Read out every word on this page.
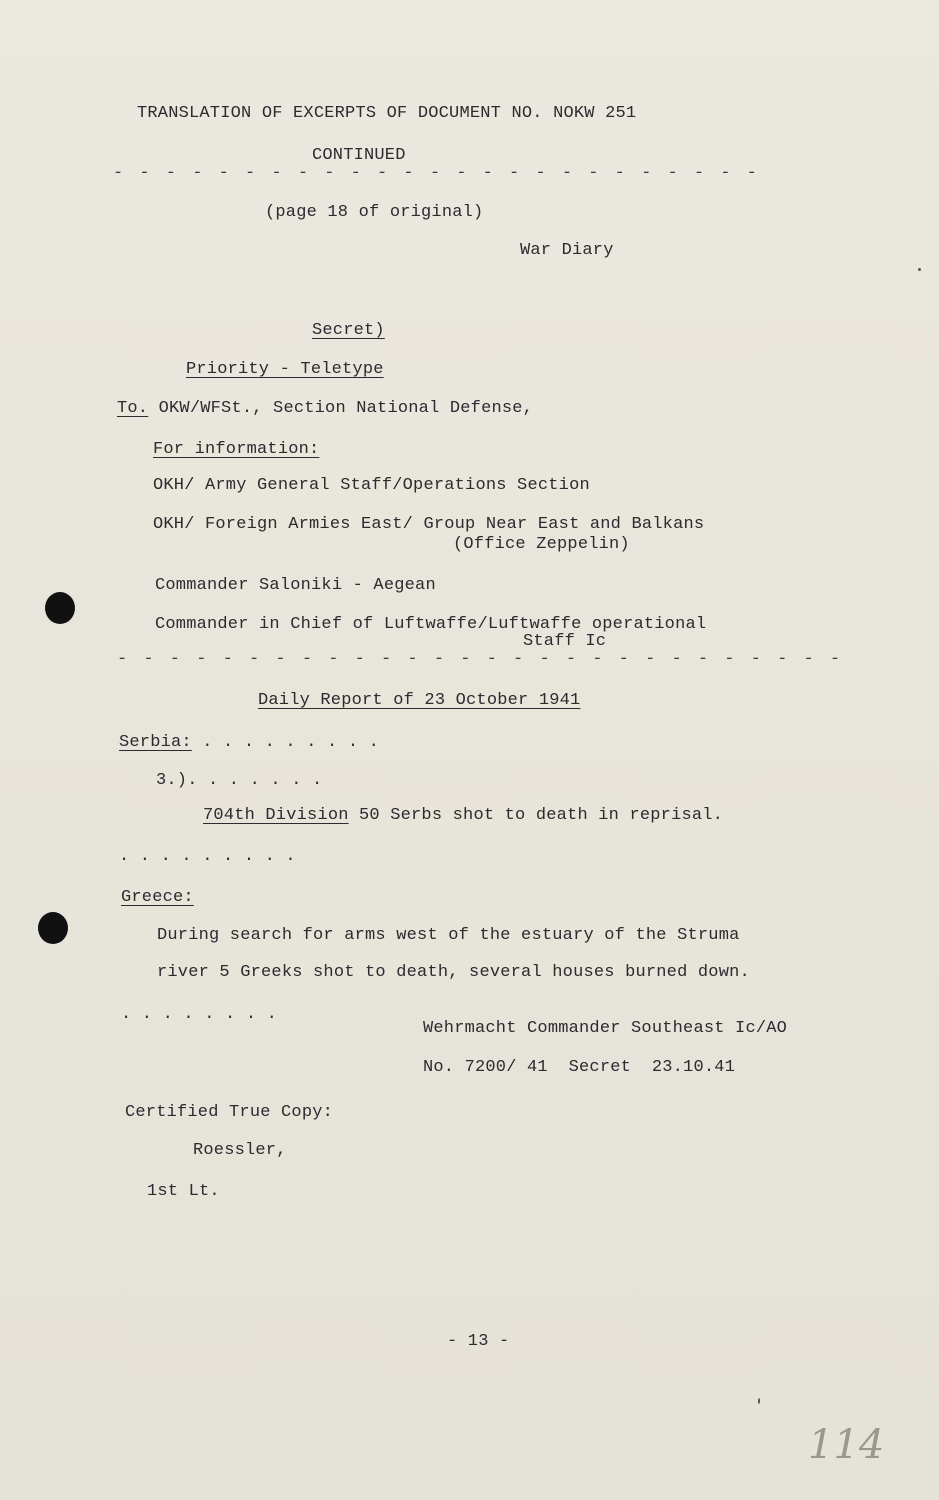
TRANSLATION OF EXCERPTS OF DOCUMENT NO. NOKW 251
CONTINUED
- - - - - - - - - - - - - - - - - - - - - - - - -
(page 18 of original)
War Diary
Secret)
Priority - Teletype
To. OKW/WFSt., Section National Defense,
For information:
OKH/ Army General Staff/Operations Section
OKH/ Foreign Armies East/ Group Near East and Balkans
(Office Zeppelin)
Commander Saloniki - Aegean
Commander in Chief of Luftwaffe/Luftwaffe operational
Staff Ic
- - - - - - - - - - - - - - - - - - - - - - - - - - - -
Daily Report of 23 October 1941
Serbia: . . . . . . . . .
3.). . . . . . .
704th Division 50 Serbs shot to death in reprisal.
. . . . . . . . .
Greece:
During search for arms west of the estuary of the Struma
river 5 Greeks shot to death, several houses burned down.
. . . . . . . .
Wehrmacht Commander Southeast Ic/AO
No. 7200/ 41  Secret  23.10.41
Certified True Copy:
Roessler,
1st Lt.
- 13 -
114
